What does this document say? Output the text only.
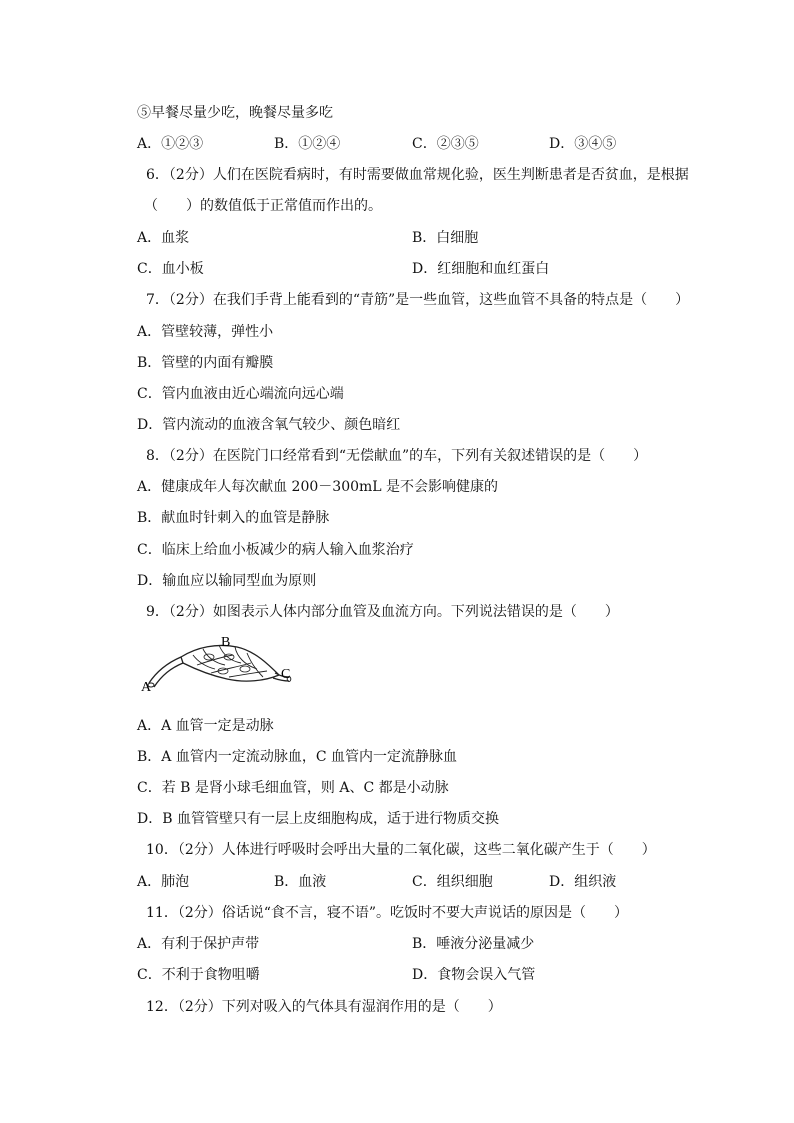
⑤早餐尽量少吃，晚餐尽量多吃
A．①②③	B．①②④	C．②③⑤	D．③④⑤
6．（2分）人们在医院看病时，有时需要做血常规化验，医生判断患者是否贫血，是根据
（　　）的数值低于正常值而作出的。
A．血浆	B．白细胞
C．血小板	D．红细胞和血红蛋白
7．（2分）在我们手背上能看到的“青筋”是一些血管，这些血管不具备的特点是（　　）
A．管壁较薄，弹性小
B．管壁的内面有瓣膜
C．管内血液由近心端流向远心端
D．管内流动的血液含氧气较少、颜色暗红
8．（2分）在医院门口经常看到“无偿献血”的车，下列有关叙述错误的是（　　）
A．健康成年人每次献血 200－300mL 是不会影响健康的
B．献血时针刺入的血管是静脉
C．临床上给血小板减少的病人输入血浆治疗
D．输血应以输同型血为原则
9．（2分）如图表示人体内部分血管及血流方向。下列说法错误的是（　　）
A
B
C
A．A 血管一定是动脉
B．A 血管内一定流动脉血，C 血管内一定流静脉血
C．若 B 是肾小球毛细血管，则 A、C 都是小动脉
D．B 血管管壁只有一层上皮细胞构成，适于进行物质交换
10．（2分）人体进行呼吸时会呼出大量的二氧化碳，这些二氧化碳产生于（　　）
A．肺泡	B．血液	C．组织细胞	D．组织液
11．（2分）俗话说“食不言，寝不语”。吃饭时不要大声说话的原因是（　　）
A．有利于保护声带	B．唾液分泌量减少
C．不利于食物咀嚼	D．食物会误入气管
12．（2分）下列对吸入的气体具有湿润作用的是（　　）
